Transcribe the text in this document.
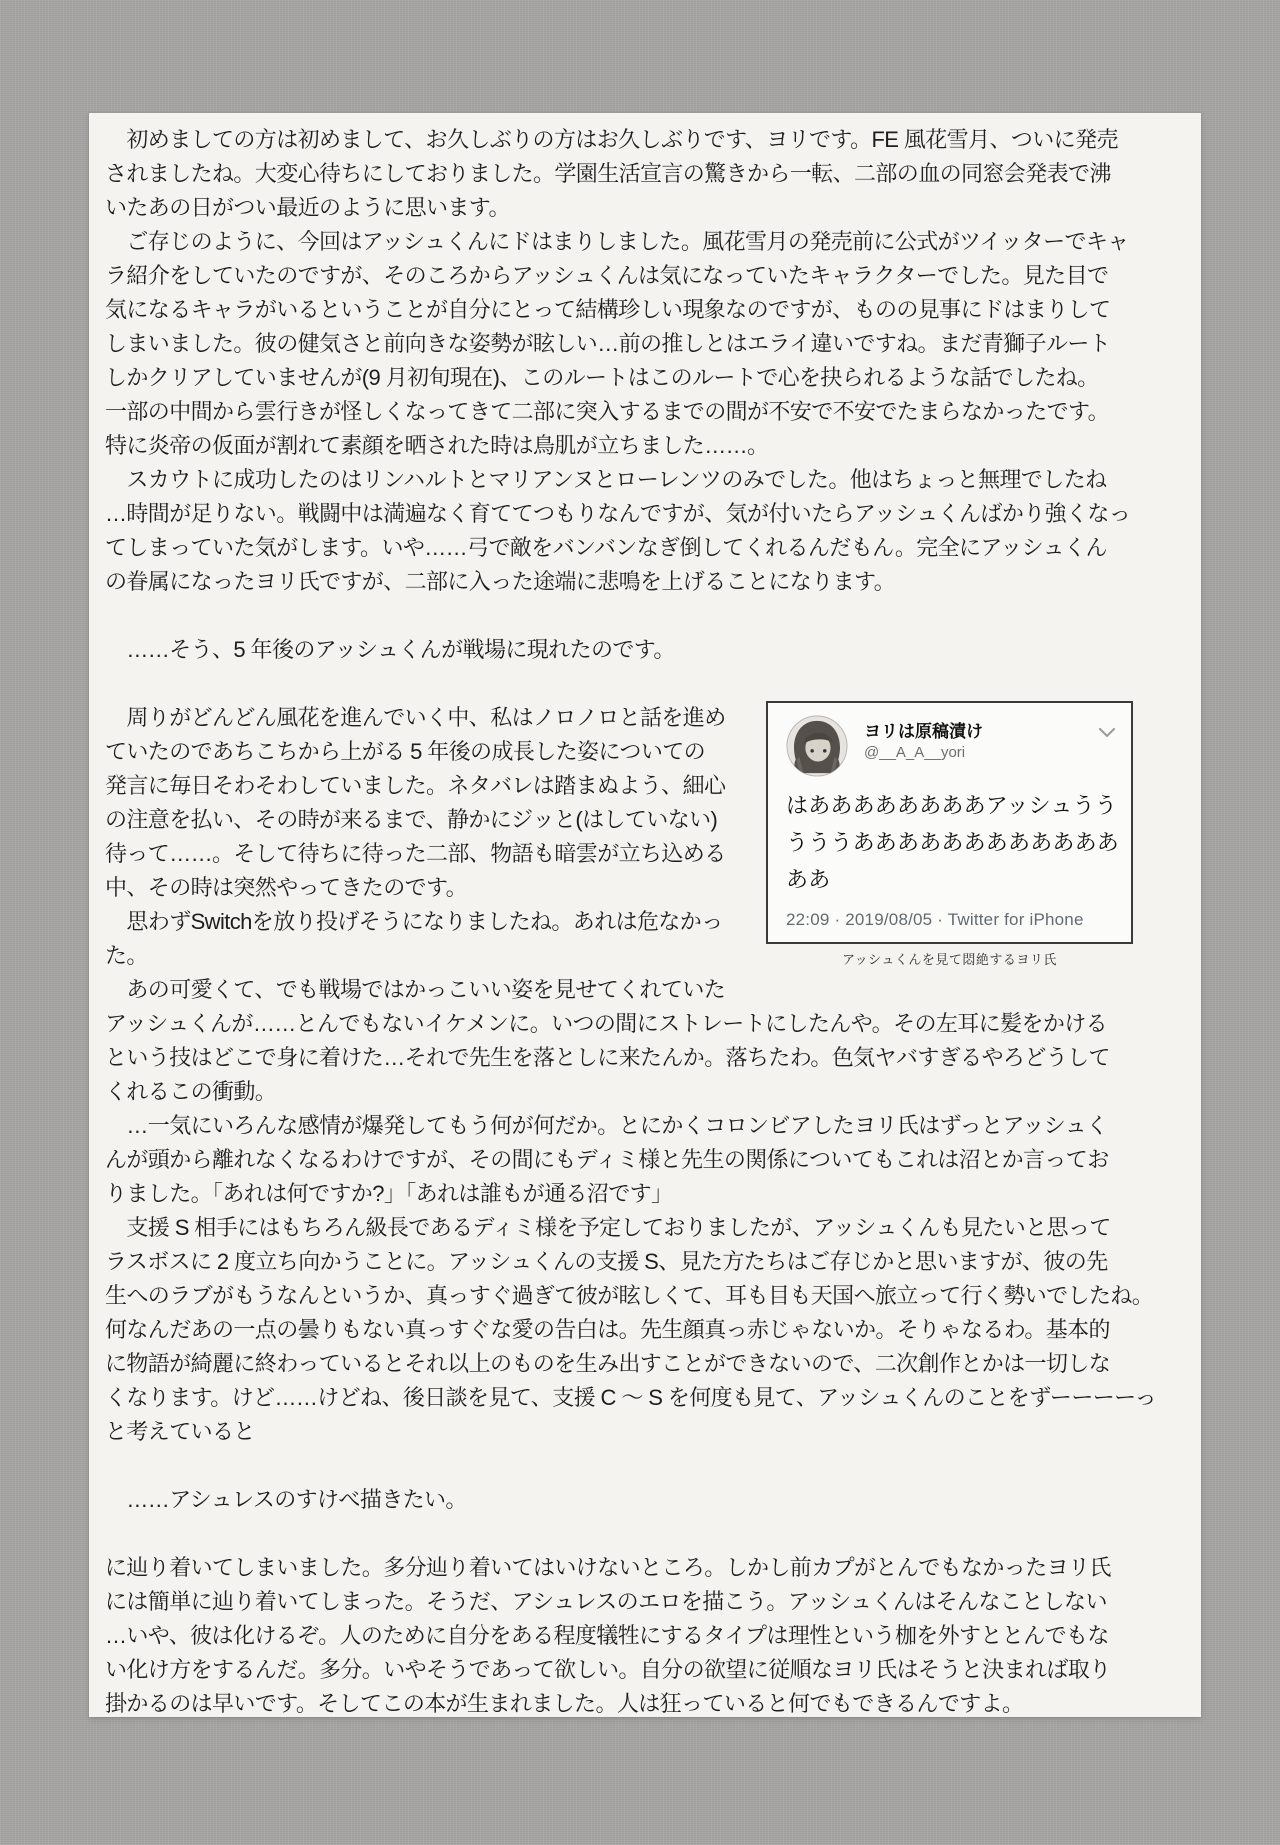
　初めましての方は初めまして、お久しぶりの方はお久しぶりです、ヨリです。FE 風花雪月、ついに発売
されましたね。大変心待ちにしておりました。学園生活宣言の驚きから一転、二部の血の同窓会発表で沸
いたあの日がつい最近のように思います。
　ご存じのように、今回はアッシュくんにドはまりしました。風花雪月の発売前に公式がツイッターでキャ
ラ紹介をしていたのですが、そのころからアッシュくんは気になっていたキャラクターでした。見た目で
気になるキャラがいるということが自分にとって結構珍しい現象なのですが、ものの見事にドはまりして
しまいました。彼の健気さと前向きな姿勢が眩しい…前の推しとはエライ違いですね。まだ青獅子ルート
しかクリアしていませんが(9 月初旬現在)、このルートはこのルートで心を抉られるような話でしたね。
一部の中間から雲行きが怪しくなってきて二部に突入するまでの間が不安で不安でたまらなかったです。
特に炎帝の仮面が割れて素顔を晒された時は鳥肌が立ちました……。
　スカウトに成功したのはリンハルトとマリアンヌとローレンツのみでした。他はちょっと無理でしたね
…時間が足りない。戦闘中は満遍なく育ててつもりなんですが、気が付いたらアッシュくんばかり強くなっ
てしまっていた気がします。いや……弓で敵をバンバンなぎ倒してくれるんだもん。完全にアッシュくん
の眷属になったヨリ氏ですが、二部に入った途端に悲鳴を上げることになります。
　……そう、5 年後のアッシュくんが戦場に現れたのです。
ヨリは原稿漬け
@__A_A__yori
はああああああああアッシュうう
うううああああああああああああ
ああ
22:09 · 2019/08/05 · Twitter for iPhone
アッシュくんを見て悶絶するヨリ氏
　周りがどんどん風花を進んでいく中、私はノロノロと話を進め
ていたのであちこちから上がる 5 年後の成長した姿についての
発言に毎日そわそわしていました。ネタバレは踏まぬよう、細心
の注意を払い、その時が来るまで、静かにジッと(はしていない)
待って……。そして待ちに待った二部、物語も暗雲が立ち込める
中、その時は突然やってきたのです。
　思わずSwitchを放り投げそうになりましたね。あれは危なかっ
た。
　あの可愛くて、でも戦場ではかっこいい姿を見せてくれていた
アッシュくんが……とんでもないイケメンに。いつの間にストレートにしたんや。その左耳に髪をかける
という技はどこで身に着けた…それで先生を落としに来たんか。落ちたわ。色気ヤバすぎるやろどうして
くれるこの衝動。
　…一気にいろんな感情が爆発してもう何が何だか。とにかくコロンビアしたヨリ氏はずっとアッシュく
んが頭から離れなくなるわけですが、その間にもディミ様と先生の関係についてもこれは沼とか言ってお
りました。「あれは何ですか?」「あれは誰もが通る沼です」
　支援 S 相手にはもちろん級長であるディミ様を予定しておりましたが、アッシュくんも見たいと思って
ラスボスに 2 度立ち向かうことに。アッシュくんの支援 S、見た方たちはご存じかと思いますが、彼の先
生へのラブがもうなんというか、真っすぐ過ぎて彼が眩しくて、耳も目も天国へ旅立って行く勢いでしたね。
何なんだあの一点の曇りもない真っすぐな愛の告白は。先生顔真っ赤じゃないか。そりゃなるわ。基本的
に物語が綺麗に終わっているとそれ以上のものを生み出すことができないので、二次創作とかは一切しな
くなります。けど……けどね、後日談を見て、支援 C 〜 S を何度も見て、アッシュくんのことをずーーーーっ
と考えていると
　……アシュレスのすけべ描きたい。
に辿り着いてしまいました。多分辿り着いてはいけないところ。しかし前カプがとんでもなかったヨリ氏
には簡単に辿り着いてしまった。そうだ、アシュレスのエロを描こう。アッシュくんはそんなことしない
…いや、彼は化けるぞ。人のために自分をある程度犠牲にするタイプは理性という枷を外すととんでもな
い化け方をするんだ。多分。いやそうであって欲しい。自分の欲望に従順なヨリ氏はそうと決まれば取り
掛かるのは早いです。そしてこの本が生まれました。人は狂っていると何でもできるんですよ。
